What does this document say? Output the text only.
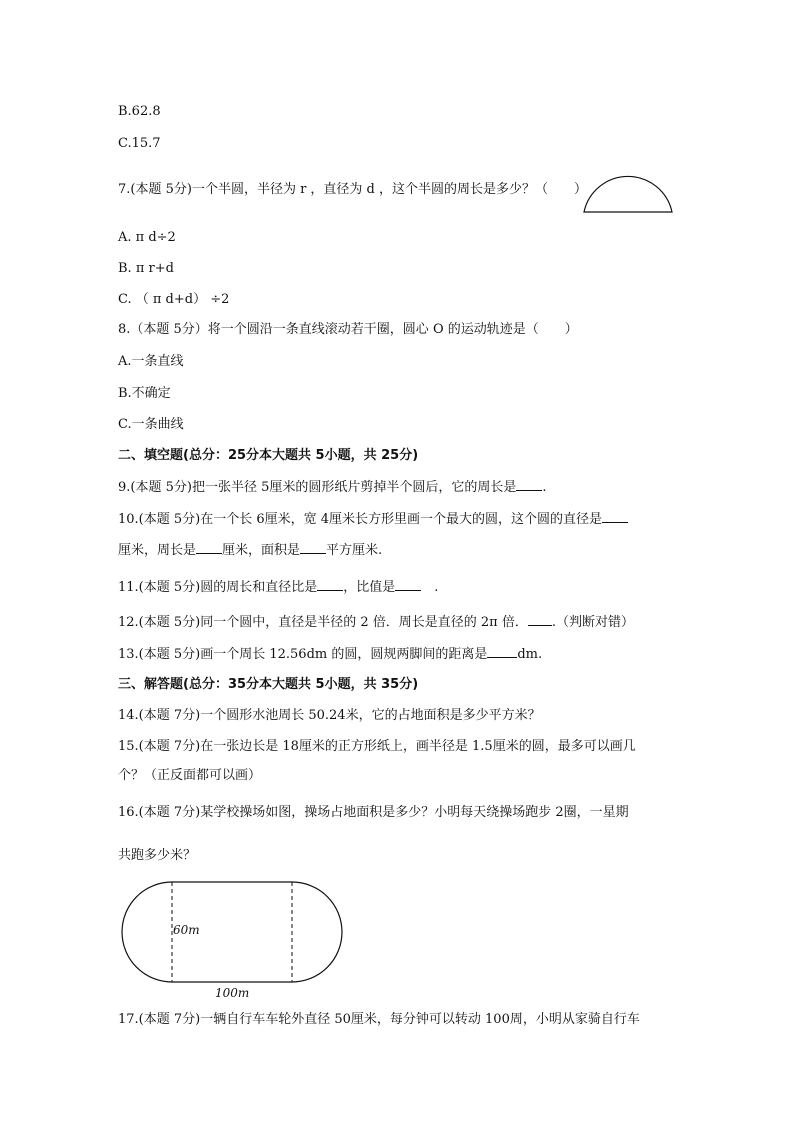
B.62.8
C.15.7
7.(本题 5分)一个半圆，半径为 r ，直径为 d ，这个半圆的周长是多少？（　　）
A. π d÷2
B. π r+d
C. （ π d+d） ÷2
8.（本题 5分）将一个圆沿一条直线滚动若干圈，圆心 O 的运动轨迹是（　　）
A.一条直线
B.不确定
C.一条曲线
二、填空题(总分：25分本大题共 5小题，共 25分)
9.(本题 5分)把一张半径 5厘米的圆形纸片剪掉半个圆后，它的周长是 .
10.(本题 5分)在一个长 6厘米，宽 4厘米长方形里画一个最大的圆，这个圆的直径是
厘米，周长是 厘米，面积是 平方厘米.
11.(本题 5分)圆的周长和直径比是 ，比值是　.
12.(本题 5分)同一个圆中，直径是半径的 2 倍．周长是直径的 2π 倍． .（判断对错）
13.(本题 5分)画一个周长 12.56dm 的圆，圆规两脚间的距离是 dm.
三、解答题(总分：35分本大题共 5小题，共 35分)
14.(本题 7分)一个圆形水池周长 50.24米，它的占地面积是多少平方米？
15.(本题 7分)在一张边长是 18厘米的正方形纸上，画半径是 1.5厘米的圆，最多可以画几
个？（正反面都可以画）
16.(本题 7分)某学校操场如图，操场占地面积是多少？小明每天绕操场跑步 2圈，一星期
共跑多少米？
60m
100m
17.(本题 7分)一辆自行车车轮外直径 50厘米，每分钟可以转动 100周，小明从家骑自行车
